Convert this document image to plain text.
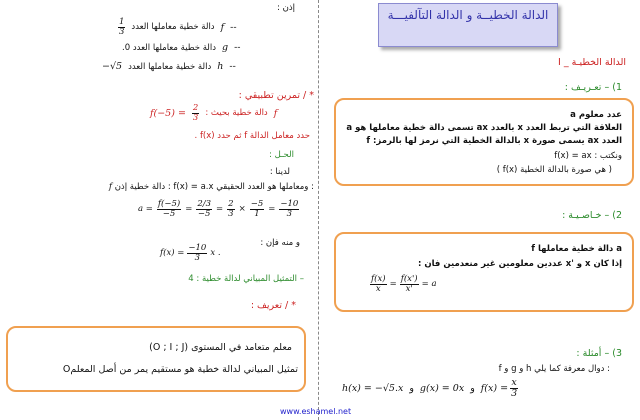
الدالة الخطيــة و الدالة التآلفيـــة
I _ الدالة الخطيـة
1) – تعـريـف :
a عدد معلوم
العلاقة التي تربط العدد x بالعدد ax تسمى دالة خطية معاملها هو a
العدد ax يسمى صورة x بالدالة الخطية التي نرمز لها بالرمز: f
ونكتب : f(x) = ax
( f(x) هي صورة بالدالة الخطية )
2) – خـاصـيـة :
f دالة خطية معاملها a
إذا كان x و 'x عددين معلومين غير منعدمين فان :
$\frac{f(x)}{x} = \frac{f(x')}{x'} = a$
3) – أمثلة :
f و g و h دوال معرفة كما يلي :
h(x) = −√5.x و g(x) = 0x و $f(x) = \frac{x}{3}$
إذن :
$\frac{1}{3}$ دالة خطية معاملها العدد f --
دالة خطية معاملها العدد 0. g --
−√5 دالة خطية معاملها العدد h --
* / تمرين تطبيقي :
$f(-5) = \frac{2}{3}$ دالة خطية بحيث : f
حدد معامل الدالة f ثم حدد f(x) .
الحـل :
لدينا :
f دالة خطية إذن : f(x) = a.x ومعاملها هو العدد الحقيقي :
$a = \frac{f(-5)}{-5} = \frac{2/3}{-5} = \frac{2}{3} \times \frac{-5}{1} = \frac{-10}{3}$
و منه فإن :
$f(x) = \frac{-10}{3}$ x .
– التمثيل المبياني لدالة خطية : 4
* / تعريف :
(O ; I ; J) معلم متعامد في المستوى
تمثيل المبياني لدالة خطية هو مستقيم يمر من أصل المعلمO
www.eshamel.net
